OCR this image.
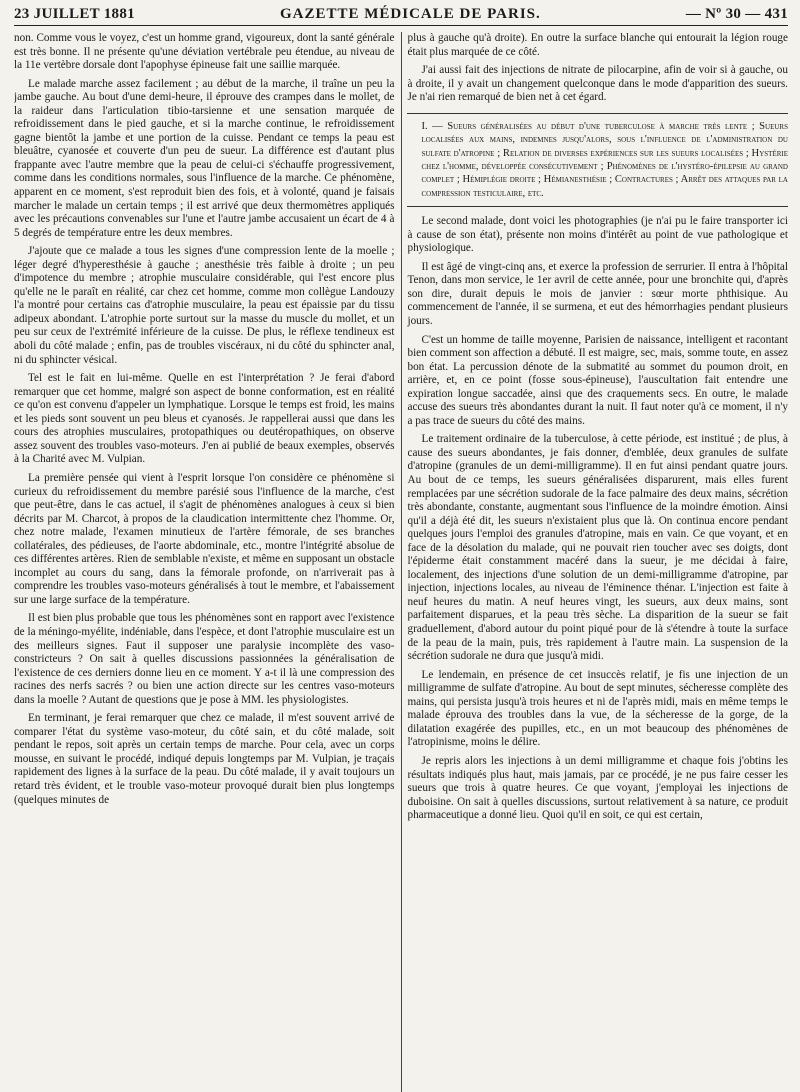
23 JUILLET 1881	GAZETTE MÉDICALE DE PARIS.	— Nº 30 — 431

non. Comme vous le voyez, c'est un homme grand, vigoureux, dont la santé générale est très bonne. Il ne présente qu'une déviation vertébrale peu étendue, au niveau de la 11e vertèbre dorsale dont l'apophyse épineuse fait une saillie marquée.

Le malade marche assez facilement ; au début de la marche, il traîne un peu la jambe gauche. Au bout d'une demi-heure, il éprouve des crampes dans le mollet, de la raideur dans l'articulation tibio-tarsienne et une sensation marquée de refroidissement dans le pied gauche, et si la marche continue, le refroidissement gagne bientôt la jambe et une portion de la cuisse. Pendant ce temps la peau est bleuâtre, cyanosée et couverte d'un peu de sueur. La différence est d'autant plus frappante avec l'autre membre que la peau de celui-ci s'échauffe progressivement, comme dans les conditions normales, sous l'influence de la marche. Ce phénomène, apparent en ce moment, s'est reproduit bien des fois, et à volonté, quand je faisais marcher le malade un certain temps ; il est arrivé que deux thermomètres appliqués avec les précautions convenables sur l'une et l'autre jambe accusaient un écart de 4 à 5 degrés de température entre les deux membres.

J'ajoute que ce malade a tous les signes d'une compression lente de la moelle ; léger degré d'hyperesthésie à gauche ; anesthésie très faible à droite ; un peu d'impotence du membre ; atrophie musculaire considérable, qui l'est encore plus qu'elle ne le paraît en réalité, car chez cet homme, comme mon collègue Landouzy l'a montré pour certains cas d'atrophie musculaire, la peau est épaissie par du tissu adipeux abondant. L'atrophie porte surtout sur la masse du muscle du mollet, et un peu sur ceux de l'extrémité inférieure de la cuisse. De plus, le réflexe tendineux est aboli du côté malade ; enfin, pas de troubles viscéraux, ni du côté du sphincter anal, ni du sphincter vésical.

Tel est le fait en lui-même. Quelle en est l'interprétation ? Je ferai d'abord remarquer que cet homme, malgré son aspect de bonne conformation, est en réalité ce qu'on est convenu d'appeler un lymphatique. Lorsque le temps est froid, les mains et les pieds sont souvent un peu bleus et cyanosés. Je rappellerai aussi que dans les cours des atrophies musculaires, protopathiques ou deutéropathiques, on observe assez souvent des troubles vaso-moteurs. J'en ai publié de beaux exemples, observés à la Charité avec M. Vulpian.

La première pensée qui vient à l'esprit lorsque l'on considère ce phénomène si curieux du refroidissement du membre parésié sous l'influence de la marche, c'est que peut-être, dans le cas actuel, il s'agit de phénomènes analogues à ceux si bien décrits par M. Charcot, à propos de la claudication intermittente chez l'homme. Or, chez notre malade, l'examen minutieux de l'artère fémorale, de ses branches collatérales, des pédieuses, de l'aorte abdominale, etc., montre l'intégrité absolue de ces différentes artères. Rien de semblable n'existe, et même en supposant un obstacle incomplet au cours du sang, dans la fémorale profonde, on n'arriverait pas à comprendre les troubles vaso-moteurs généralisés à tout le membre, et l'abaissement sur une large surface de la température.

Il est bien plus probable que tous les phénomènes sont en rapport avec l'existence de la méningo-myélite, indéniable, dans l'espèce, et dont l'atrophie musculaire est un des meilleurs signes. Faut il supposer une paralysie incomplète des vaso-constricteurs ? On sait à quelles discussions passionnées la généralisation de l'existence de ces derniers donne lieu en ce moment. Y a-t il là une compression des racines des nerfs sacrés ? ou bien une action directe sur les centres vaso-moteurs dans la moelle ? Autant de questions que je pose à MM. les physiologistes.

En terminant, je ferai remarquer que chez ce malade, il m'est souvent arrivé de comparer l'état du système vaso-moteur, du côté sain, et du côté malade, soit pendant le repos, soit après un certain temps de marche. Pour cela, avec un corps mousse, en suivant le procédé, indiqué depuis longtemps par M. Vulpian, je traçais rapidement des lignes à la surface de la peau. Du côté malade, il y avait toujours un retard très évident, et le trouble vaso-moteur provoqué durait bien plus longtemps (quelques minutes de

plus à gauche qu'à droite). En outre la surface blanche qui entourait la légion rouge était plus marquée de ce côté.

J'ai aussi fait des injections de nitrate de pilocarpine, afin de voir si à gauche, ou à droite, il y avait un changement quelconque dans le mode d'apparition des sueurs. Je n'ai rien remarqué de bien net à cet égard.

I. — Sueurs généralisées au début d'une tuberculose à marche très lente ; Sueurs localisées aux mains, indemnes jusqu'alors, sous l'influence de l'administration du sulfate d'atropine ; Relation de diverses expériences sur les sueurs localisées ; Hystérie chez l'homme, développée consécutivement ; Phénomènes de l'hystéro-épilepsie au grand complet ; Hémiplégie droite ; Hémianesthésie ; Contractures ; Arrêt des attaques par la compression testiculaire, etc.

Le second malade, dont voici les photographies (je n'ai pu le faire transporter ici à cause de son état), présente non moins d'intérêt au point de vue pathologique et physiologique.

Il est âgé de vingt-cinq ans, et exerce la profession de serrurier. Il entra à l'hôpital Tenon, dans mon service, le 1er avril de cette année, pour une bronchite qui, d'après son dire, durait depuis le mois de janvier : sœur morte phthisique. Au commencement de l'année, il se surmena, et eut des hémorrhagies pendant plusieurs jours.

C'est un homme de taille moyenne, Parisien de naissance, intelligent et racontant bien comment son affection a débuté. Il est maigre, sec, mais, somme toute, en assez bon état. La percussion dénote de la submatité au sommet du poumon droit, en arrière, et, en ce point (fosse sous-épineuse), l'auscultation fait entendre une expiration longue saccadée, ainsi que des craquements secs. En outre, le malade accuse des sueurs très abondantes durant la nuit. Il faut noter qu'à ce moment, il n'y a pas trace de sueurs du côté des mains.

Le traitement ordinaire de la tuberculose, à cette période, est institué ; de plus, à cause des sueurs abondantes, je fais donner, d'emblée, deux granules de sulfate d'atropine (granules de un demi-milligramme). Il en fut ainsi pendant quatre jours. Au bout de ce temps, les sueurs généralisées disparurent, mais elles furent remplacées par une sécrétion sudorale de la face palmaire des deux mains, sécrétion très abondante, constante, augmentant sous l'influence de la moindre émotion. Ainsi qu'il a déjà été dit, les sueurs n'existaient plus que là. On continua encore pendant quelques jours l'emploi des granules d'atropine, mais en vain. Ce que voyant, et en face de la désolation du malade, qui ne pouvait rien toucher avec ses doigts, dont l'épiderme était constamment macéré dans la sueur, je me décidai à faire, localement, des injections d'une solution de un demi-milligramme d'atropine, par injection, injections locales, au niveau de l'éminence thénar. L'injection est faite à neuf heures du matin. A neuf heures vingt, les sueurs, aux deux mains, sont parfaitement disparues, et la peau très sèche. La disparition de la sueur se fait graduellement, d'abord autour du point piqué pour de là s'étendre à toute la surface de la peau de la main, puis, très rapidement à l'autre main. La suspension de la sécrétion sudorale ne dura que jusqu'à midi.

Le lendemain, en présence de cet insuccès relatif, je fis une injection de un milligramme de sulfate d'atropine. Au bout de sept minutes, sécheresse complète des mains, qui persista jusqu'à trois heures et ni de l'après midi, mais en même temps le malade éprouva des troubles dans la vue, de la sécheresse de la gorge, de la dilatation exagérée des pupilles, etc., en un mot beaucoup des phénomènes de l'atropinisme, moins le délire.

Je repris alors les injections à un demi milligramme et chaque fois j'obtins les résultats indiqués plus haut, mais jamais, par ce procédé, je ne pus faire cesser les sueurs que trois à quatre heures. Ce que voyant, j'employai les injections de duboisine. On sait à quelles discussions, surtout relativement à sa nature, ce produit pharmaceutique a donné lieu. Quoi qu'il en soit, ce qui est certain,
